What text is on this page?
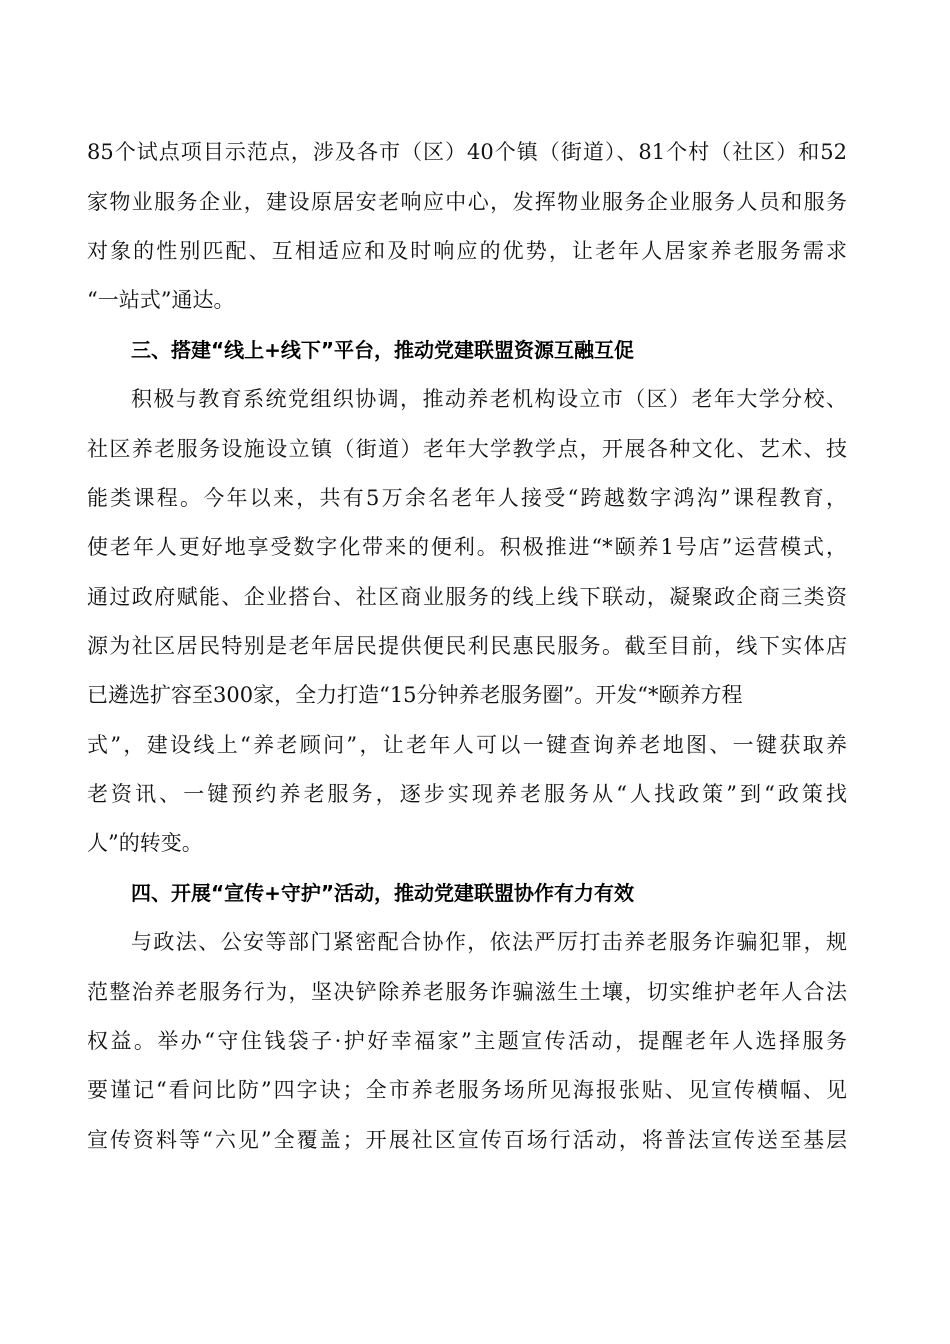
85个试点项目示范点，涉及各市（区）40个镇（街道）、81个村（社区）和52
家物业服务企业，建设原居安老响应中心，发挥物业服务企业服务人员和服务
对象的性别匹配、互相适应和及时响应的优势，让老年人居家养老服务需求
“一站式”通达。
三、搭建“线上+线下”平台，推动党建联盟资源互融互促
积极与教育系统党组织协调，推动养老机构设立市（区）老年大学分校、
社区养老服务设施设立镇（街道）老年大学教学点，开展各种文化、艺术、技
能类课程。今年以来，共有5万余名老年人接受“跨越数字鸿沟”课程教育，
使老年人更好地享受数字化带来的便利。积极推进“*颐养1号店”运营模式，
通过政府赋能、企业搭台、社区商业服务的线上线下联动，凝聚政企商三类资
源为社区居民特别是老年居民提供便民利民惠民服务。截至目前，线下实体店
已遴选扩容至300家，全力打造“15分钟养老服务圈”。开发“*颐养方程
式”，建设线上“养老顾问”，让老年人可以一键查询养老地图、一键获取养
老资讯、一键预约养老服务，逐步实现养老服务从“人找政策”到“政策找
人”的转变。
四、开展“宣传+守护”活动，推动党建联盟协作有力有效
与政法、公安等部门紧密配合协作，依法严厉打击养老服务诈骗犯罪，规
范整治养老服务行为，坚决铲除养老服务诈骗滋生土壤，切实维护老年人合法
权益。举办“守住钱袋子·护好幸福家”主题宣传活动，提醒老年人选择服务
要谨记“看问比防”四字诀；全市养老服务场所见海报张贴、见宣传横幅、见
宣传资料等“六见”全覆盖；开展社区宣传百场行活动，将普法宣传送至基层
